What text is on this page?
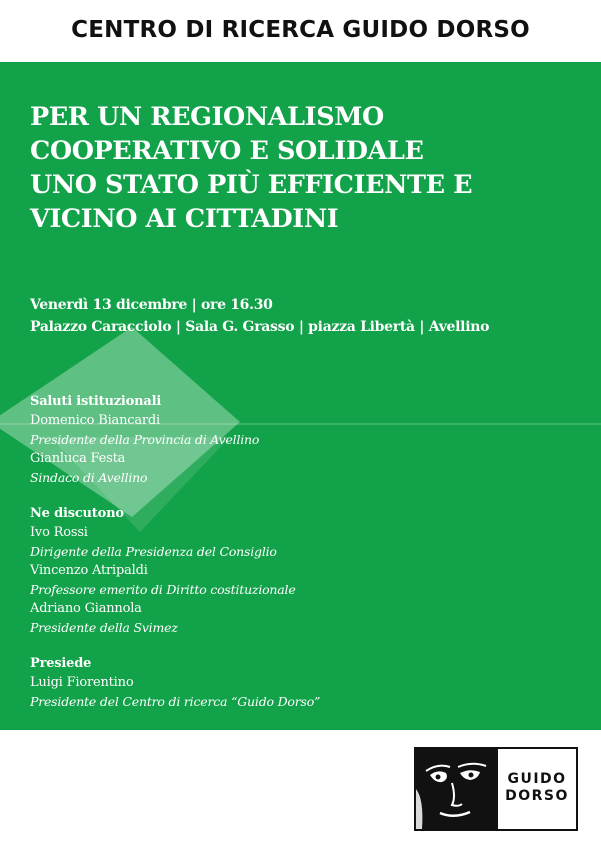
CENTRO DI RICERCA GUIDO DORSO
PER UN REGIONALISMO
COOPERATIVO E SOLIDALE
UNO STATO PIÙ EFFICIENTE E
VICINO AI CITTADINI
Venerdì 13 dicembre | ore 16.30
Palazzo Caracciolo | Sala G. Grasso | piazza Libertà | Avellino
Saluti istituzionali
Domenico Biancardi
Presidente della Provincia di Avellino
Gianluca Festa
Sindaco di Avellino
Ne discutono
Ivo Rossi
Dirigente della Presidenza del Consiglio
Vincenzo Atripaldi
Professore emerito di Diritto costituzionale
Adriano Giannola
Presidente della Svimez
Presiede
Luigi Fiorentino
Presidente del Centro di ricerca “Guido Dorso”
GUIDO
DORSO
